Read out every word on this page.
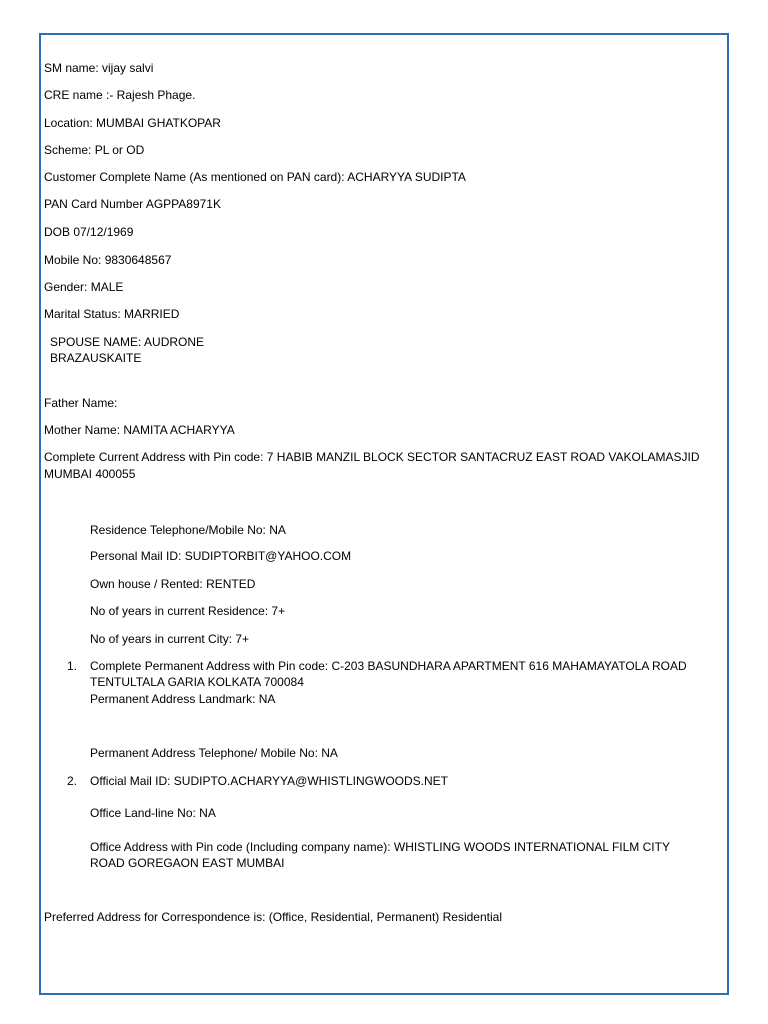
SM name: vijay salvi
CRE name :- Rajesh Phage.
Location: MUMBAI GHATKOPAR
Scheme: PL or OD
Customer Complete Name (As mentioned on PAN card): ACHARYYA SUDIPTA
PAN Card Number AGPPA8971K
DOB 07/12/1969
Mobile No: 9830648567
Gender: MALE
Marital Status: MARRIED
SPOUSE NAME: AUDRONE
BRAZAUSKAITE
Father Name:
Mother Name: NAMITA ACHARYYA
Complete Current Address with Pin code: 7 HABIB MANZIL BLOCK SECTOR SANTACRUZ EAST ROAD VAKOLAMASJID
MUMBAI 400055
Residence Telephone/Mobile No: NA
Personal Mail ID: SUDIPTORBIT@YAHOO.COM
Own house / Rented: RENTED
No of years in current Residence: 7+
No of years in current City: 7+
1. Complete Permanent Address with Pin code: C-203 BASUNDHARA APARTMENT 616 MAHAMAYATOLA ROAD
TENTULTALA GARIA KOLKATA 700084
Permanent Address Landmark: NA
Permanent Address Telephone/ Mobile No: NA
2. Official Mail ID: SUDIPTO.ACHARYYA@WHISTLINGWOODS.NET
Office Land-line No: NA
Office Address with Pin code (Including company name): WHISTLING WOODS INTERNATIONAL FILM CITY
ROAD GOREGAON EAST MUMBAI
Preferred Address for Correspondence is: (Office, Residential, Permanent) Residential
